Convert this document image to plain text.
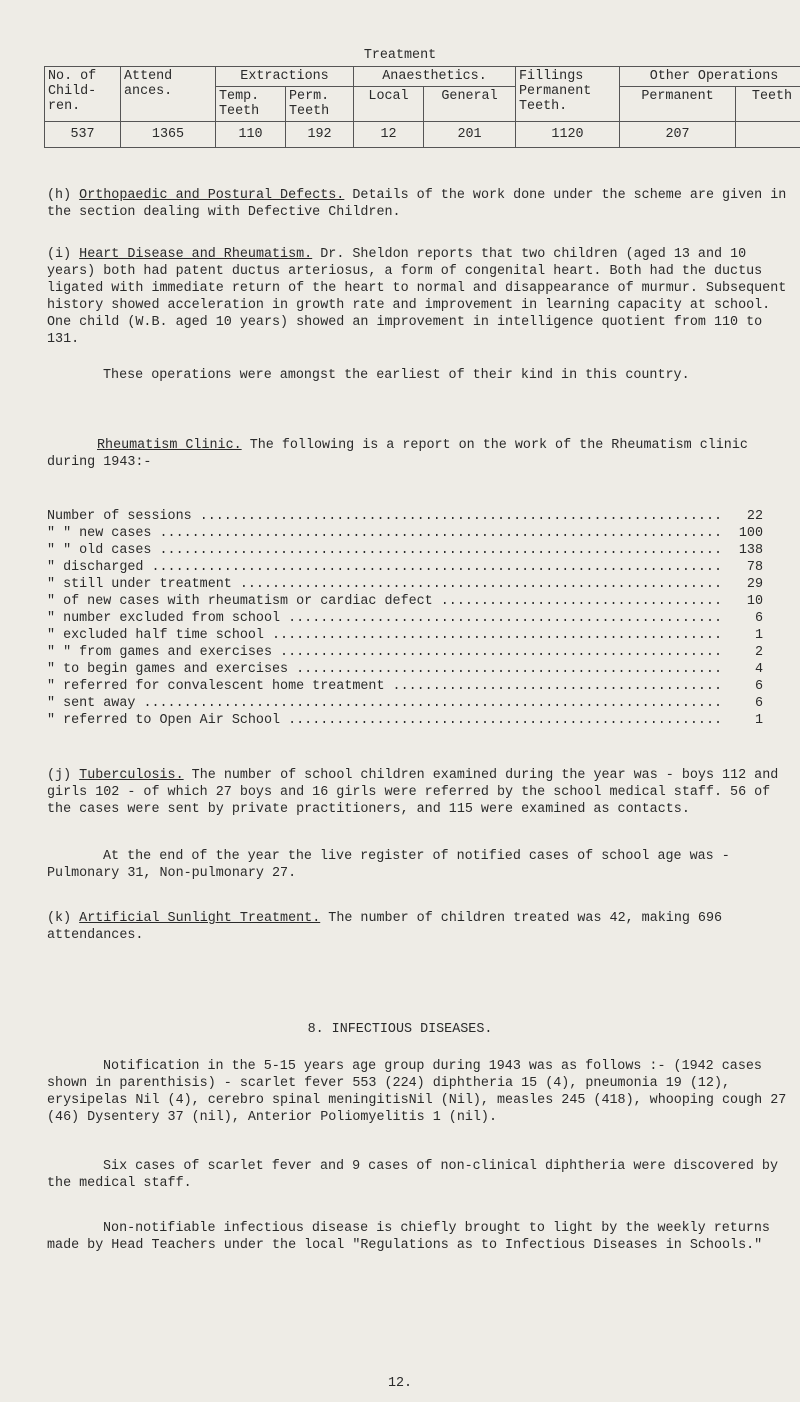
Treatment
No. of Child-ren.	Attend ances.	Extractions		Anaesthetics.		Fillings Permanent Teeth.	Other Operations	
		Temp. Teeth	Perm. Teeth	Local	General		Permanent	Teeth
537	1365	110	192	12	201	1120	207	

(h) Orthopaedic and Postural Defects. Details of the work done under the scheme are given in the section dealing with Defective Children.

(i) Heart Disease and Rheumatism. Dr. Sheldon reports that two children (aged 13 and 10 years) both had patent ductus arteriosus, a form of congenital heart. Both had the ductus ligated with immediate return of the heart to normal and disappearance of murmur. Subsequent history showed acceleration in growth rate and improvement in learning capacity at school. One child (W.B. aged 10 years) showed an improvement in intelligence quotient from 110 to 131.

These operations were amongst the earliest of their kind in this country.

Rheumatism Clinic. The following is a report on the work of the Rheumatism clinic during 1943:-

Number of sessions .....	22
" " new cases .....	100
" " old cases .....	138
" discharged .....	78
" still under treatment .....	29
" of new cases with rheumatism or cardiac defect .....	10
" number excluded from school .....	6
" excluded half time school .....	1
" " from games and exercises .....	2
" to begin games and exercises .....	4
" referred for convalescent home treatment .....	6
" sent away .....	6
" referred to Open Air School .....	1

(j) Tuberculosis. The number of school children examined during the year was - boys 112 and girls 102 - of which 27 boys and 16 girls were referred by the school medical staff. 56 of the cases were sent by private practitioners, and 115 were examined as contacts.

At the end of the year the live register of notified cases of school age was - Pulmonary 31, Non-pulmonary 27.

(k) Artificial Sunlight Treatment. The number of children treated was 42, making 696 attendances.

8. INFECTIOUS DISEASES.

Notification in the 5-15 years age group during 1943 was as follows :- (1942 cases shown in parenthisis) - scarlet fever 553 (224) diphtheria 15 (4), pneumonia 19 (12), erysipelas Nil (4), cerebro spinal meningitisNil (Nil), measles 245 (418), whooping cough 27 (46) Dysentery 37 (nil), Anterior Poliomyelitis 1 (nil).

Six cases of scarlet fever and 9 cases of non-clinical diphtheria were discovered by the medical staff.

Non-notifiable infectious disease is chiefly brought to light by the weekly returns made by Head Teachers under the local "Regulations as to Infectious Diseases in Schools."

12.
